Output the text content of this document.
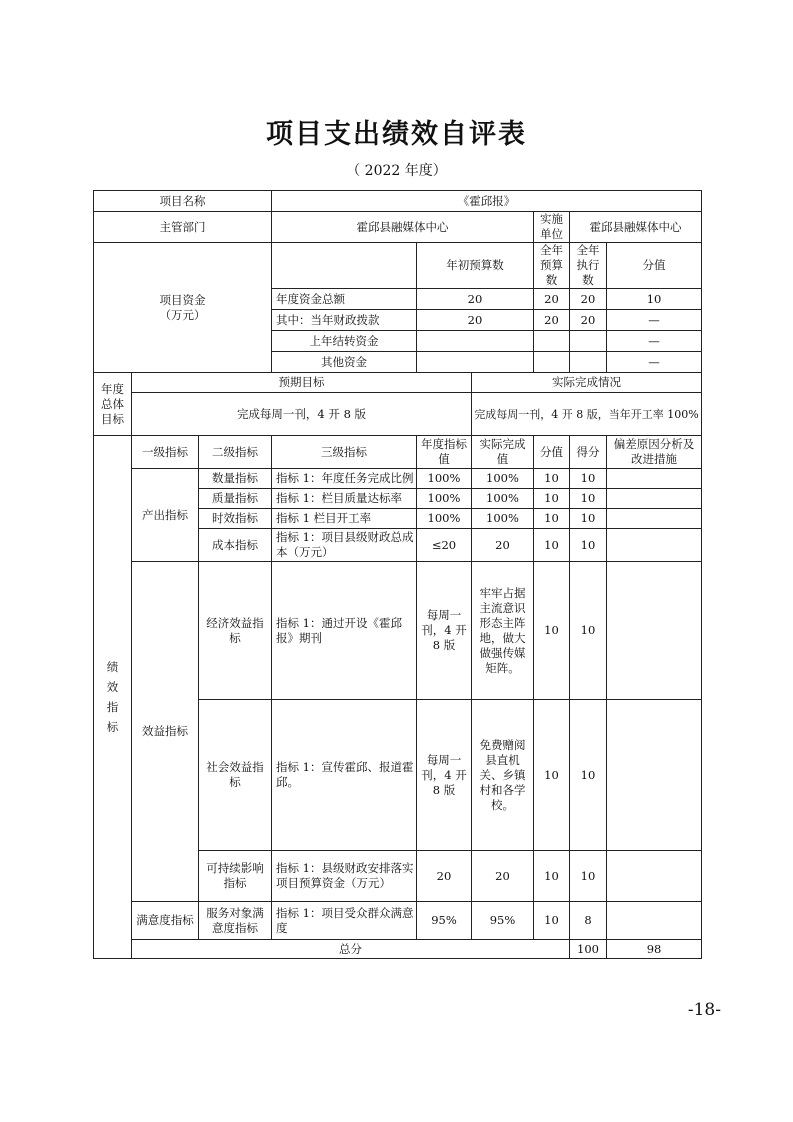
项目支出绩效自评表
（ 2022 年度）
项目名称			《霍邱报》						
主管部门			霍邱县融媒体中心			实施单位	霍邱县融媒体中心		

项目资金
（万元）				年初预算数		全年预算数	全年执行数	分值		
			年度资金总额	20		20	20	10		
			其中：当年财政拨款	20		20	20	—		
			上年结转资金					—		
			其他资金					—		

年度
总体
目标	预期目标				实际完成情况				
	完成每周一刊，4 开 8 版				完成每周一刊，4 开 8 版，当年开工率 100%				

绩
效
指
标	一级指标	二级指标	三级指标	年度指标值	实际完成值	分值	得分	偏差原因分析及改进措施	
	产出指标	数量指标	指标 1：年度任务完成比例	100%	100%	10	10		
		质量指标	指标 1：栏目质量达标率	100%	100%	10	10		
		时效指标	指标 1 栏目开工率	100%	100%	10	10		
		成本指标	指标 1：项目县级财政总成本（万元）	≤20	20	10	10		
	效益指标	经济效益指标	指标 1：通过开设《霍邱报》期刊	每周一刊，4 开 8 版	牢牢占据主流意识形态主阵地，做大做强传媒矩阵。	10	10		
		社会效益指标	指标 1：宣传霍邱、报道霍邱。	每周一刊，4 开 8 版	免费赠阅县直机关、乡镇村和各学校。	10	10		
		可持续影响指标	指标 1：县级财政安排落实项目预算资金（万元）	20	20	10	10		
	满意度指标	服务对象满意度指标	指标 1：项目受众群众满意度	95%	95%	10	8		
	总分						100	98	
-18-
